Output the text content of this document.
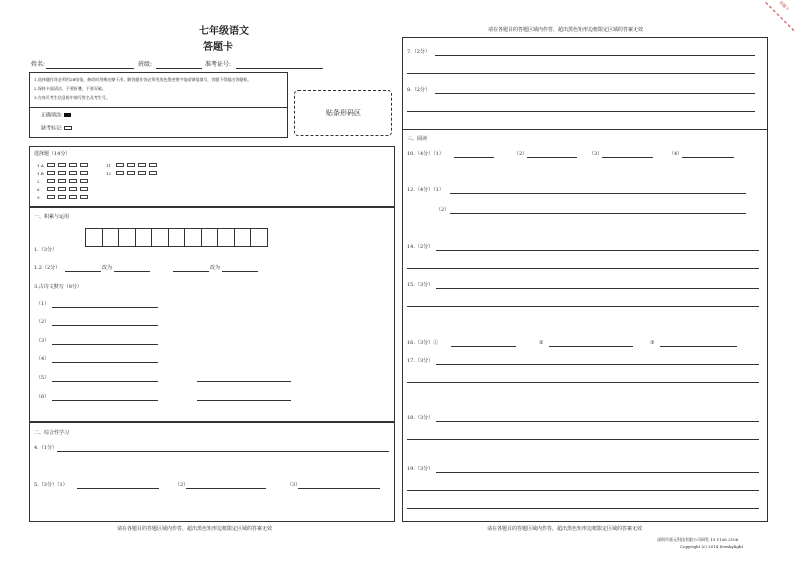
答题卡
七年级语文
答题卡
姓名:	班级:	准考证号:
1.选择题作答必须用2B铅笔，修改时用橡皮擦干净。解答题作答必须用黑色墨迹签字笔或钢笔填写，答题不得超出答题框。
2.保持卡面清洁，不要折叠，不要弄破。
3.在每页考生信息框中填写姓名及考生号。
正确填涂:
缺考标记:
贴条形码区
选择题（14分）
1.A
1.B
2
6
9
11
12
一、积累与运用
1.（3分）
1.2（2分）	改为	改为
3.古诗文默写（8分）
（1）
（2）
（3）
（4）
（5）
（6）
二、综合性学习
4.（1分）
5.（3分）（1）	（2）	（3）
请在各题目的答题区域内作答，超出黑色矩形边框限定区域的答案无效
请在各题目的答题区域内作答，超出黑色矩形边框限定区域的答案无效
7.（2分）
8.（2分）
三、阅读
10.（4分）（1）	（2）	（3）	（4）
12.（4分）（1）
（2）
14.（2分）
15.（3分）
16.（3分）①	②	③
17.（3分）
18.（3分）
19.（3分）
请在各题目的答题区域内作答，超出黑色矩形边框限定区域的答案无效
深圳市嘉元科技有限公司研发 15 1106 2106
Copyright (c) 2014 Seeskylight
